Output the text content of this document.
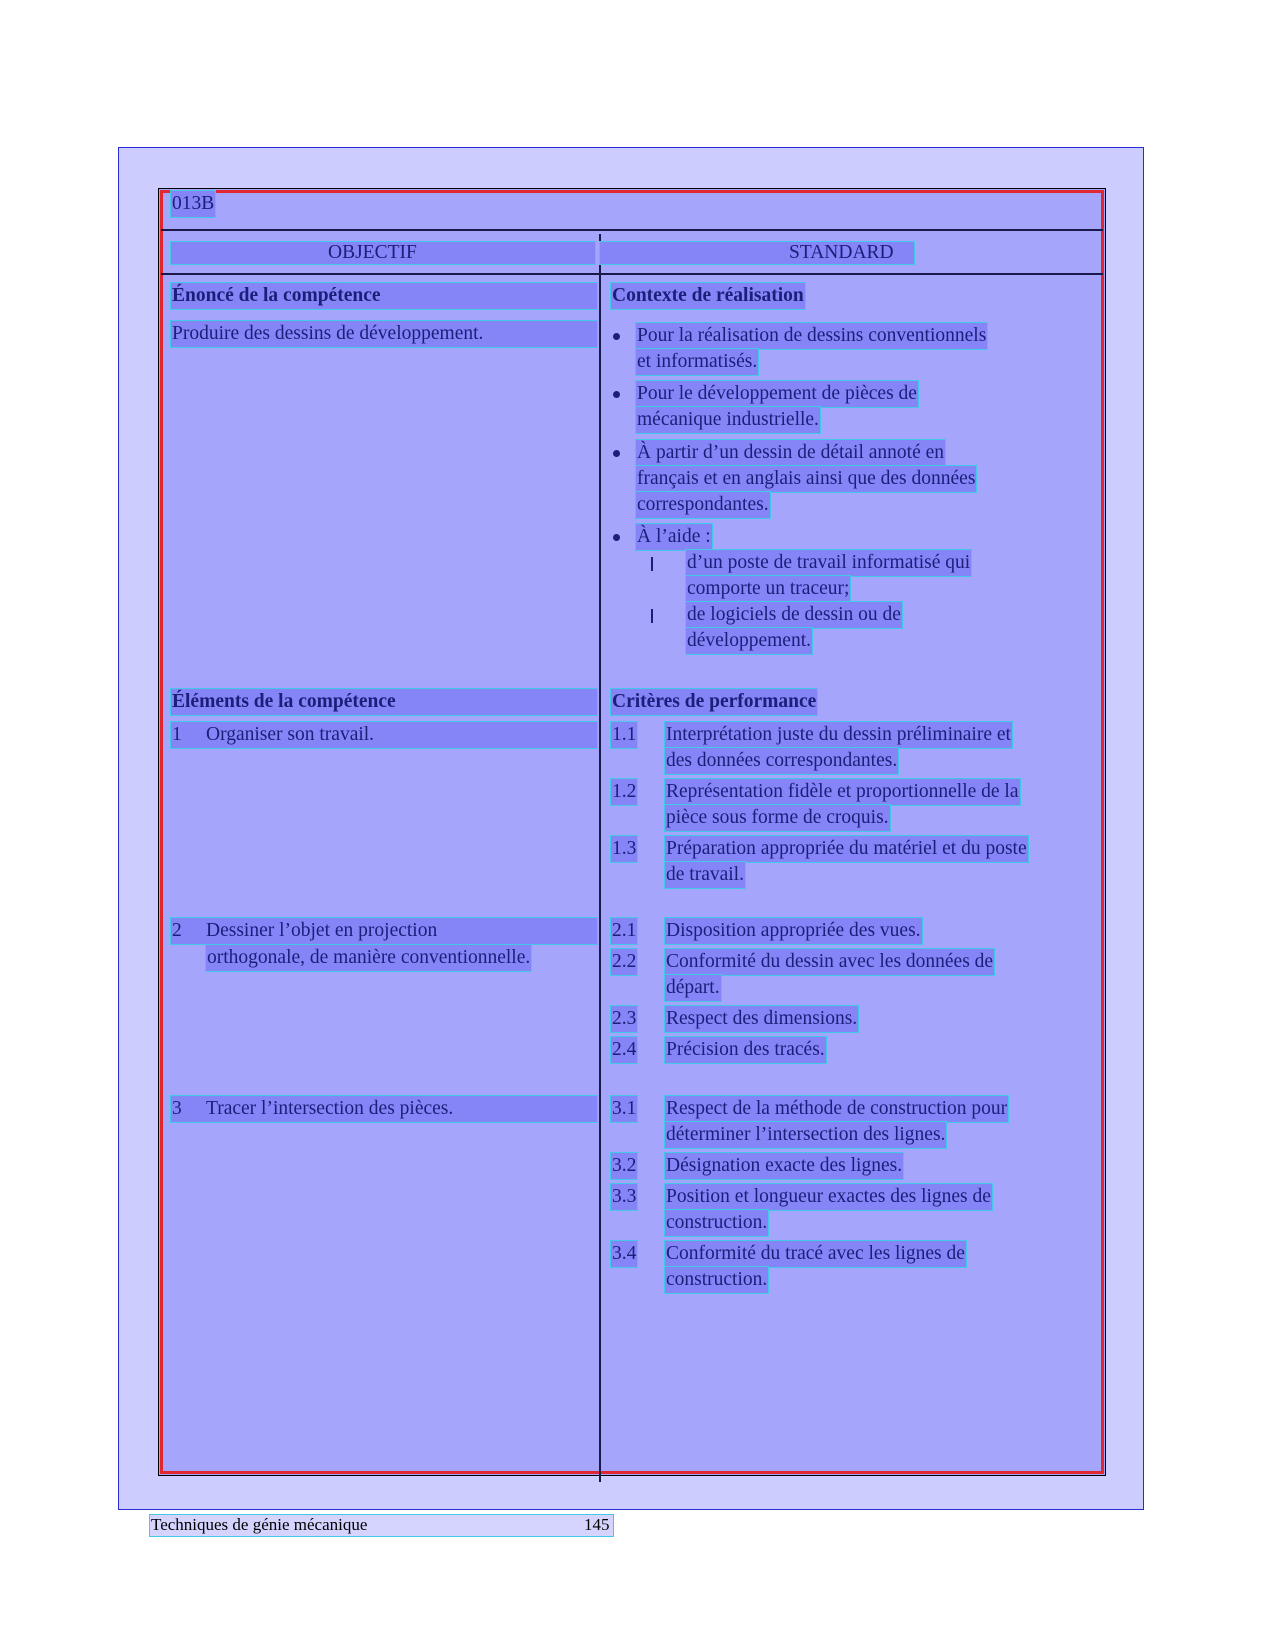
013B
OBJECTIF	STANDARD
Énoncé de la compétence
Produire des dessins de développement.
Contexte de réalisation
Pour la réalisation de dessins conventionnels
et informatisés.
Pour le développement de pièces de
mécanique industrielle.
À partir d’un dessin de détail annoté en
français et en anglais ainsi que des données
correspondantes.
À l’aide :
d’un poste de travail informatisé qui
comporte un traceur;
de logiciels de dessin ou de
développement.
Éléments de la compétence
1 Organiser son travail.
2 Dessiner l’objet en projection
orthogonale, de manière conventionnelle.
3 Tracer l’intersection des pièces.
Critères de performance
1.1 Interprétation juste du dessin préliminaire et
des données correspondantes.
1.2 Représentation fidèle et proportionnelle de la
pièce sous forme de croquis.
1.3 Préparation appropriée du matériel et du poste
de travail.
2.1 Disposition appropriée des vues.
2.2 Conformité du dessin avec les données de
départ.
2.3 Respect des dimensions.
2.4 Précision des tracés.
3.1 Respect de la méthode de construction pour
déterminer l’intersection des lignes.
3.2 Désignation exacte des lignes.
3.3 Position et longueur exactes des lignes de
construction.
3.4 Conformité du tracé avec les lignes de
construction.
Techniques de génie mécanique	145
